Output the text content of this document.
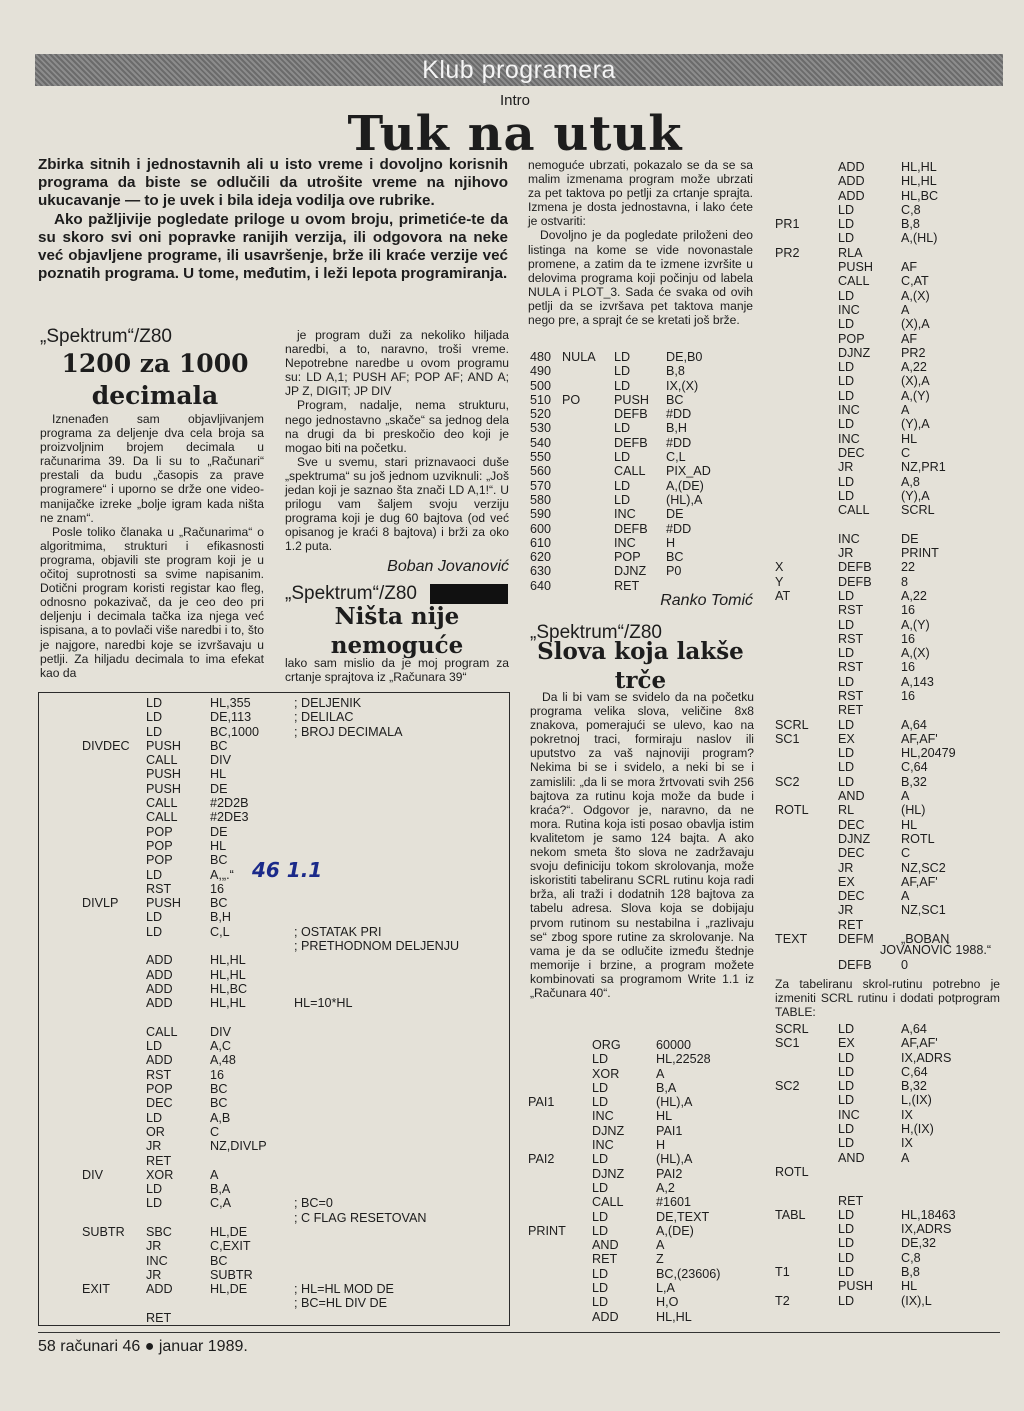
Klub programera
Intro
Tuk na utuk

Zbirka sitnih i jednostavnih ali u isto vreme i dovoljno korisnih programa da biste se odlučili da utrošite vreme na njihovo ukucavanje — to je uvek i bila ideja vodilja ove rubrike.

Ako pažljivije pogledate priloge u ovom broju, primetiće-te da su skoro svi oni popravke ranijih verzija, ili odgovora na neke već objavljene programe, ili usavršenje, brže ili kraće verzije već poznatih programa. U tome, međutim, i leži lepota programiranja.

„Spektrum“/Z80
1200 za 1000 decimala

Iznenađen sam objavljivanjem programa za deljenje dva cela broja sa proizvoljnim brojem decimala u računarima 39. Da li su to „Računari“ prestali da budu „časopis za prave programere“ i uporno se drže one video-manijačke izreke „bolje igram kada ništa ne znam“.

Posle toliko članaka u „Računarima“ o algoritmima, strukturi i efikasnosti programa, objavili ste program koji je u očitoj suprotnosti sa svime napisanim. Dotični program koristi registar kao fleg, odnosno pokazivač, da je ceo deo pri deljenju i decimala tačka iza njega već ispisana, a to povlači više naredbi i to, što je najgore, naredbi koje se izvršavaju u petlji. Za hiljadu decimala to ima efekat kao da

je program duži za nekoliko hiljada naredbi, a to, naravno, troši vreme. Nepotrebne naredbe u ovom programu su: LD A,1; PUSH AF; POP AF; AND A; JP Z, DIGIT; JP DIV

Program, nadalje, nema strukturu, nego jednostavno „skače“ sa jednog dela na drugi da bi preskočio deo koji je mogao biti na početku.

Sve u svemu, stari priznavaoci duše „spektruma“ su još jednom uzviknuli: „Još jedan koji je saznao šta znači LD A,1!“. U prilogu vam šaljem svoju verziju programa koji je dug 60 bajtova (od već opisanog je kraći 8 bajtova) i brži za oko 1.2 puta.

Boban Jovanović
LD	HL,355	; DELJENIK
LD	DE,113	; DELILAC
LD	BC,1000	; BROJ DECIMALA
DIVDEC PUSH BC
CALL	DIV
PUSH HL
PUSH DE
CALL	#2D2B
CALL	#2DE3
POP	DE
POP	HL
POP	BC
LD	A,„.“
RST	16
DIVLP PUSH BC
LD	B,H
LD	C,L	; OSTATAK PRI
; PRETHODNOM DELJENJU
ADD	HL,HL
ADD	HL,HL
ADD	HL,BC
ADD	HL,HL	HL=10*HL
CALL	DIV
LD	A,C
ADD	A,48
RST	16
POP	BC
DEC	BC
LD	A,B
OR	C
JR	NZ,DIVLP
RET
DIV	XOR	A
LD	B,A
LD	C,A	; BC=0
; C FLAG RESETOVAN
SUBTR SBC	HL,DE
JR	C,EXIT
INC	BC
JR	SUBTR
EXIT	ADD	HL,DE	; HL=HL MOD DE
; BC=HL DIV DE
RET
46 1.1
„Spektrum“/Z80
Ništa nije nemoguće
lako sam mislio da je moj program za crtanje sprajtova iz „Računara 39“

nemoguće ubrzati, pokazalo se da se sa malim izmenama program može ubrzati za pet taktova po petlji za crtanje sprajta. Izmena je dosta jednostavna, i lako ćete je ostvariti:

Dovoljno je da pogledate priloženi deo listinga na kome se vide novonastale promene, a zatim da te izmene izvršite u delovima programa koji počinju od labela NULA i PLOT_3. Sada će svaka od ovih petlji da se izvršava pet taktova manje nego pre, a sprajt će se kretati još brže.

480 NULA LD	DE,B0
490	LD	B,8
500	LD	IX,(X)
510 PO	PUSH BC
520	DEFB #DD
530	LD	B,H
540	DEFB #DD
550	LD	C,L
560	CALL PIX_AD
570	LD	A,(DE)
580	LD	(HL),A
590	INC DE
600	DEFB #DD
610	INC H
620	POP BC
630	DJNZ P0
640	RET
Ranko Tomić
„Spektrum“/Z80
Slova koja lakše trče

Da li bi vam se svidelo da na početku programa velika slova, veličine 8x8 znakova, pomerajući se ulevo, kao na pokretnoj traci, formiraju naslov ili uputstvo za vaš najnoviji program? Nekima bi se i svidelo, a neki bi se i zamislili: „da li se mora žrtvovati svih 256 bajtova za rutinu koja može da bude i kraća?“. Odgovor je, naravno, da ne mora. Rutina koja isti posao obavlja istim kvalitetom je samo 124 bajta. A ako nekom smeta što slova ne zadržavaju svoju definiciju tokom skrolovanja, može iskoristiti tabeliranu SCRL rutinu koja radi brža, ali traži i dodatnih 128 bajtova za tabelu adresa. Slova koja se dobijaju prvom rutinom su nestabilna i „razlivaju se“ zbog spore rutine za skrolovanje. Na vama je da se odlučite između štednje memorije i brzine, a program možete kombinovati sa programom Write 1.1 iz „Računara 40“.

ORG	60000
LD	HL,22528
XOR	A
LD	B,A
PAI1	LD	(HL),A
INC	HL
DJNZ	PAI1
INC	H
PAI2	LD	(HL),A
DJNZ	PAI2
LD	A,2
CALL	#1601
LD	DE,TEXT
PRINT LD	A,(DE)
AND	A
RET	Z
LD	BC,(23606)
LD	L,A
LD	H,O
ADD	HL,HL
ADD	HL,HL
ADD	HL,HL
ADD	HL,BC
LD	C,8
PR1	LD	B,8
LD	A,(HL)
PR2	RLA
PUSH AF
CALL C,AT
LD	A,(X)
INC	A
LD	(X),A
POP	AF
DJNZ PR2
LD	A,22
LD	(X),A
LD	A,(Y)
INC	A
LD	(Y),A
INC	HL
DEC	C
JR	NZ,PR1
LD	A,8
LD	(Y),A
CALL SCRL
INC	DE
JR	PRINT
X	DEFB 22
Y	DEFB 8
AT	LD	A,22
RST	16
LD	A,(Y)
RST	16
LD	A,(X)
RST	16
LD	A,143
RST	16
RET
SCRL LD	A,64
SC1	EX	AF,AF'
LD	HL,20479
LD	C,64
SC2	LD	B,32
AND	A
ROTL RL	(HL)
DEC	HL
DJNZ ROTL
DEC	C
JR	NZ,SC2
EX	AF,AF'
DEC	A
JR	NZ,SC1
RET
TEXT DEFM „BOBAN
JOVANOVIĆ 1988.“
DEFB 0
Za tabeliranu skrol-rutinu potrebno je izmeniti SCRL rutinu i dodati potprogram TABLE:
SCRL LD	A,64
SC1	EX	AF,AF'
LD	IX,ADRS
LD	C,64
SC2	LD	B,32
LD	L,(IX)
INC	IX
LD	H,(IX)
LD	IX
AND	A
ROTL
RET
TABL	LD	HL,18463
LD	IX,ADRS
LD	DE,32
LD	C,8
T1	LD	B,8
PUSH HL
T2	LD	(IX),L
58 računari 46 ● januar 1989.
